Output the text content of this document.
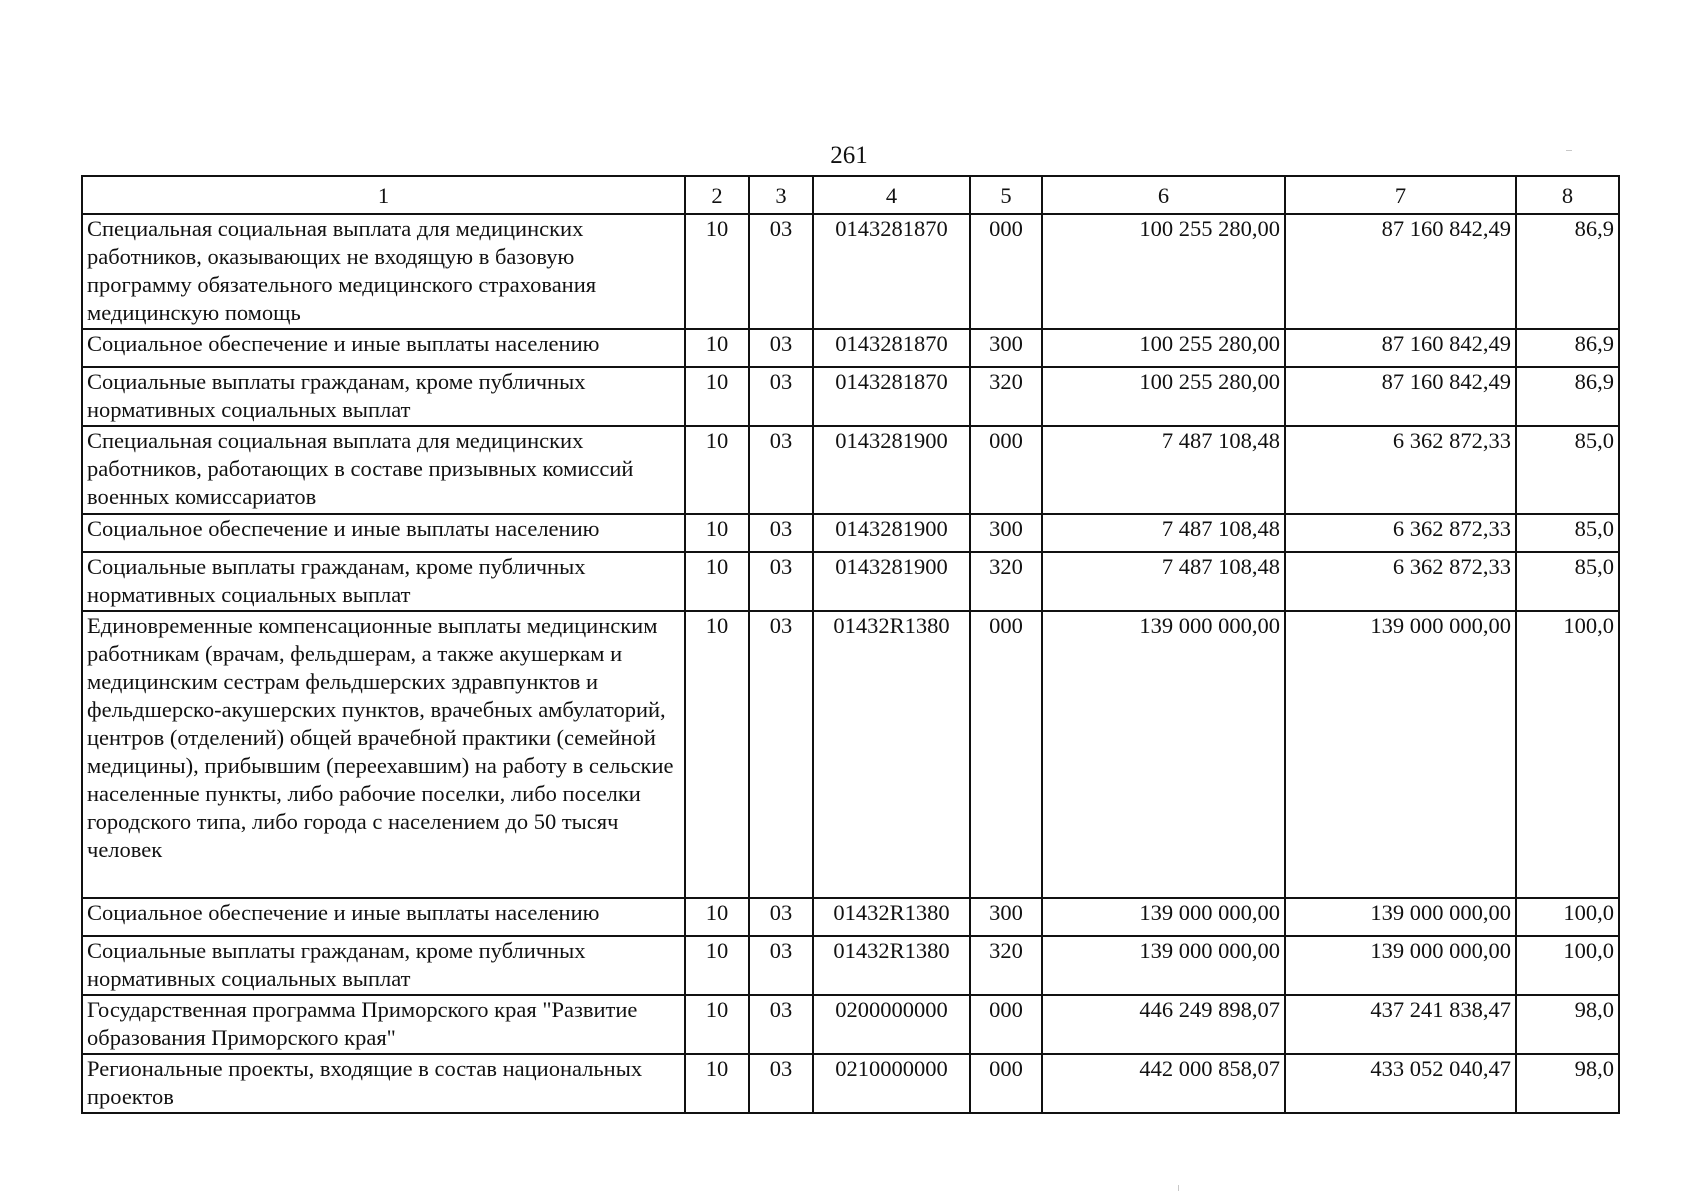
261
1	2	3	4	5	6	7	8
Специальная социальная выплата для медицинских работников, оказывающих не входящую в базовую программу обязательного медицинского страхования медицинскую помощь	10	03	0143281870	000	100 255 280,00	87 160 842,49	86,9
Социальное обеспечение и иные выплаты населению	10	03	0143281870	300	100 255 280,00	87 160 842,49	86,9
Социальные выплаты гражданам, кроме публичных нормативных социальных выплат	10	03	0143281870	320	100 255 280,00	87 160 842,49	86,9
Специальная социальная выплата для медицинских работников, работающих в составе призывных комиссий военных комиссариатов	10	03	0143281900	000	7 487 108,48	6 362 872,33	85,0
Социальное обеспечение и иные выплаты населению	10	03	0143281900	300	7 487 108,48	6 362 872,33	85,0
Социальные выплаты гражданам, кроме публичных нормативных социальных выплат	10	03	0143281900	320	7 487 108,48	6 362 872,33	85,0
Единовременные компенсационные выплаты медицинским работникам (врачам, фельдшерам, а также акушеркам и медицинским сестрам фельдшерских здравпунктов и фельдшерско-акушерских пунктов, врачебных амбулаторий, центров (отделений) общей врачебной практики (семейной медицины), прибывшим (переехавшим) на работу в сельские населенные пункты, либо рабочие поселки, либо поселки городского типа, либо города с населением до 50 тысяч человек	10	03	01432R1380	000	139 000 000,00	139 000 000,00	100,0
Социальное обеспечение и иные выплаты населению	10	03	01432R1380	300	139 000 000,00	139 000 000,00	100,0
Социальные выплаты гражданам, кроме публичных нормативных социальных выплат	10	03	01432R1380	320	139 000 000,00	139 000 000,00	100,0
Государственная программа Приморского края "Развитие образования Приморского края"	10	03	0200000000	000	446 249 898,07	437 241 838,47	98,0
Региональные проекты, входящие в состав национальных проектов	10	03	0210000000	000	442 000 858,07	433 052 040,47	98,0
